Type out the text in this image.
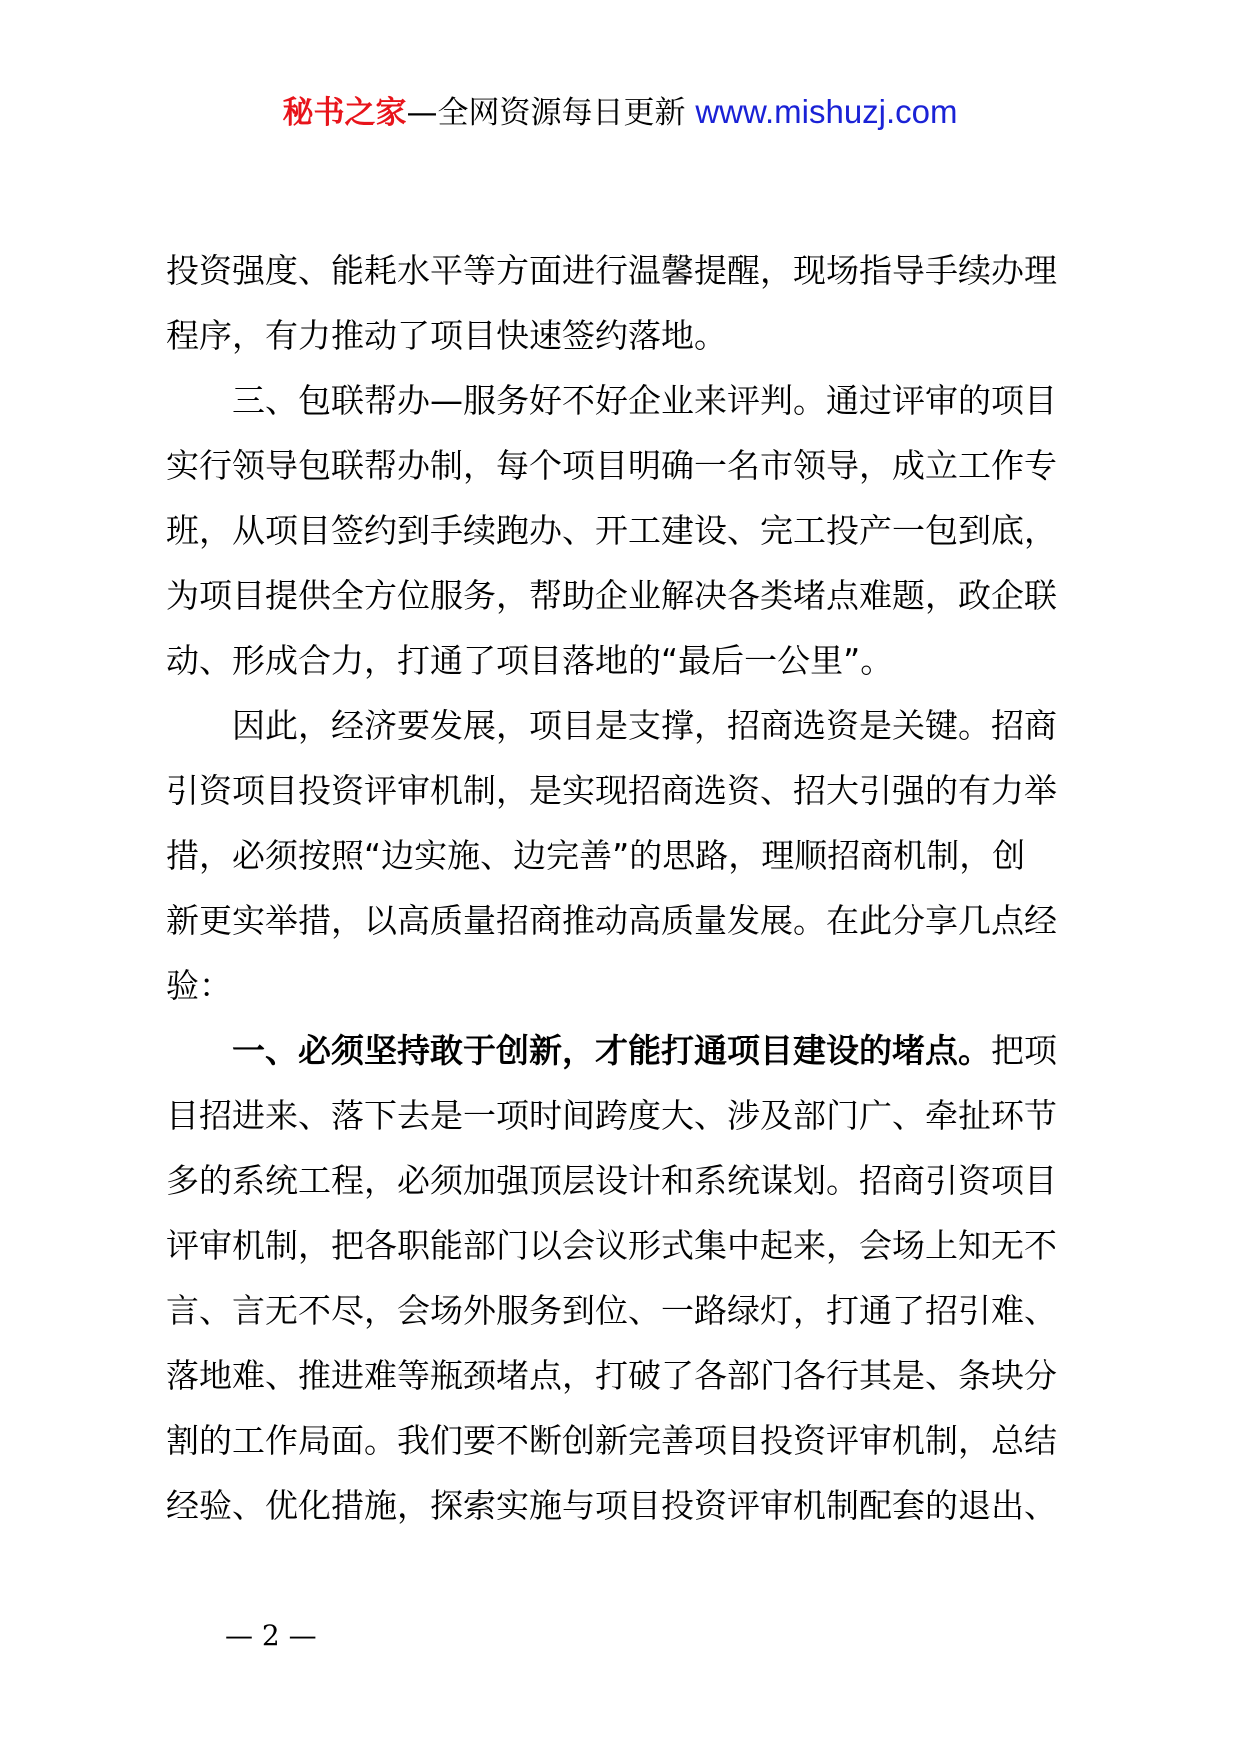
秘书之家—全网资源每日更新 www.mishuzj.com
投资强度、能耗水平等方面进行温馨提醒，现场指导手续办理
程序，有力推动了项目快速签约落地。
三、包联帮办—服务好不好企业来评判。通过评审的项目
实行领导包联帮办制，每个项目明确一名市领导，成立工作专
班，从项目签约到手续跑办、开工建设、完工投产一包到底，
为项目提供全方位服务，帮助企业解决各类堵点难题，政企联
动、形成合力，打通了项目落地的“最后一公里”。
因此，经济要发展，项目是支撑，招商选资是关键。招商
引资项目投资评审机制，是实现招商选资、招大引强的有力举
措，必须按照“边实施、边完善”的思路，理顺招商机制，创
新更实举措，以高质量招商推动高质量发展。在此分享几点经
验：
一、必须坚持敢于创新，才能打通项目建设的堵点。把项
目招进来、落下去是一项时间跨度大、涉及部门广、牵扯环节
多的系统工程，必须加强顶层设计和系统谋划。招商引资项目
评审机制，把各职能部门以会议形式集中起来，会场上知无不
言、言无不尽，会场外服务到位、一路绿灯，打通了招引难、
落地难、推进难等瓶颈堵点，打破了各部门各行其是、条块分
割的工作局面。我们要不断创新完善项目投资评审机制，总结
经验、优化措施，探索实施与项目投资评审机制配套的退出、
— 2 —
